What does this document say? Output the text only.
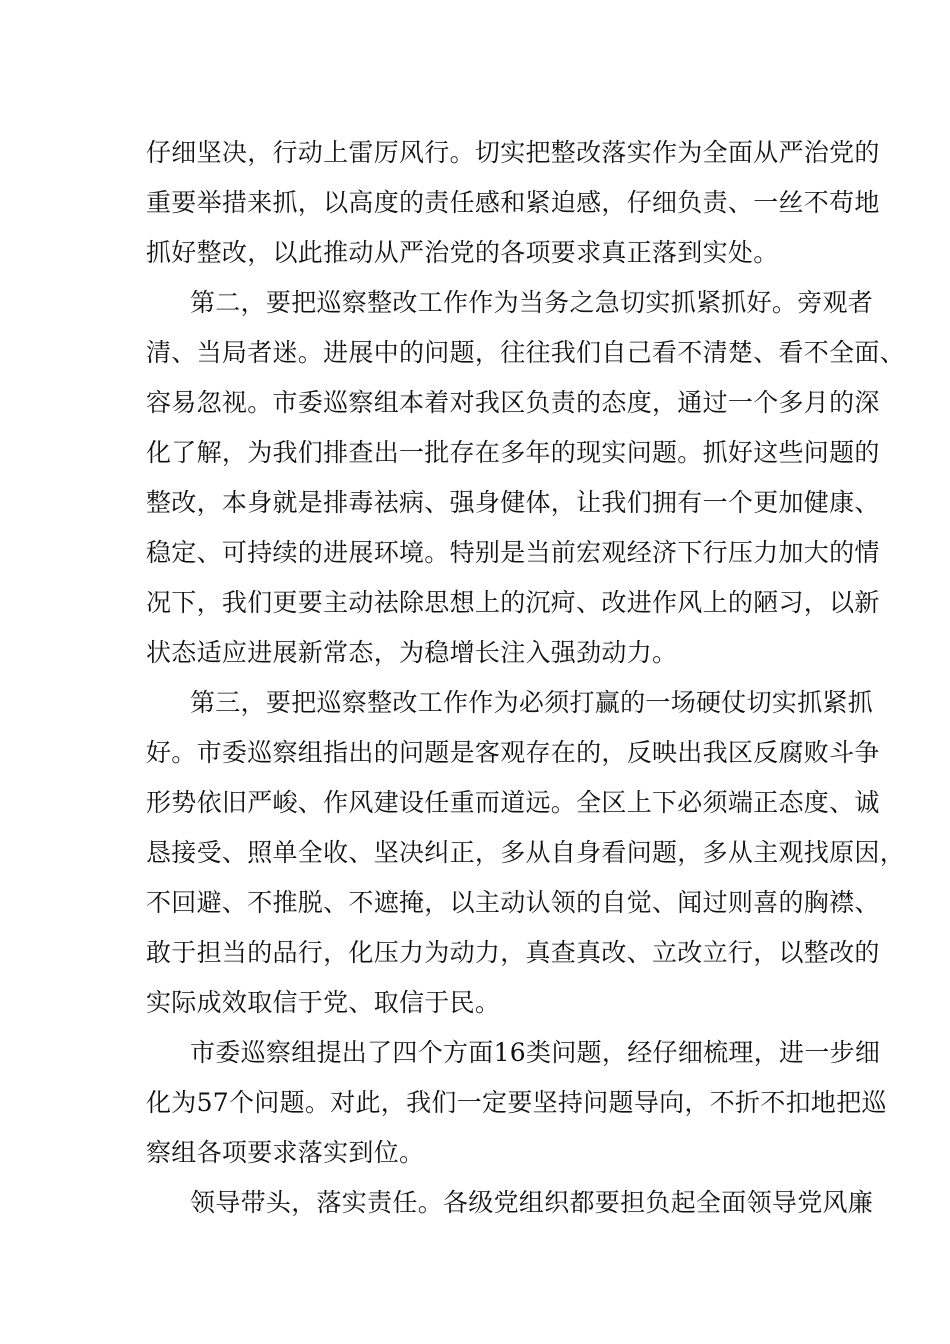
仔细坚决，行动上雷厉风行。切实把整改落实作为全面从严治党的
重要举措来抓，以高度的责任感和紧迫感，仔细负责、一丝不苟地
抓好整改，以此推动从严治党的各项要求真正落到实处。
第二，要把巡察整改工作作为当务之急切实抓紧抓好。旁观者
清、当局者迷。进展中的问题，往往我们自己看不清楚、看不全面、
容易忽视。市委巡察组本着对我区负责的态度，通过一个多月的深
化了解，为我们排查出一批存在多年的现实问题。抓好这些问题的
整改，本身就是排毒祛病、强身健体，让我们拥有一个更加健康、
稳定、可持续的进展环境。特别是当前宏观经济下行压力加大的情
况下，我们更要主动祛除思想上的沉疴、改进作风上的陋习，以新
状态适应进展新常态，为稳增长注入强劲动力。
第三，要把巡察整改工作作为必须打赢的一场硬仗切实抓紧抓
好。市委巡察组指出的问题是客观存在的，反映出我区反腐败斗争
形势依旧严峻、作风建设任重而道远。全区上下必须端正态度、诚
恳接受、照单全收、坚决纠正，多从自身看问题，多从主观找原因，
不回避、不推脱、不遮掩，以主动认领的自觉、闻过则喜的胸襟、
敢于担当的品行，化压力为动力，真查真改、立改立行，以整改的
实际成效取信于党、取信于民。
市委巡察组提出了四个方面16类问题，经仔细梳理，进一步细
化为57个问题。对此，我们一定要坚持问题导向，不折不扣地把巡
察组各项要求落实到位。
领导带头，落实责任。各级党组织都要担负起全面领导党风廉
